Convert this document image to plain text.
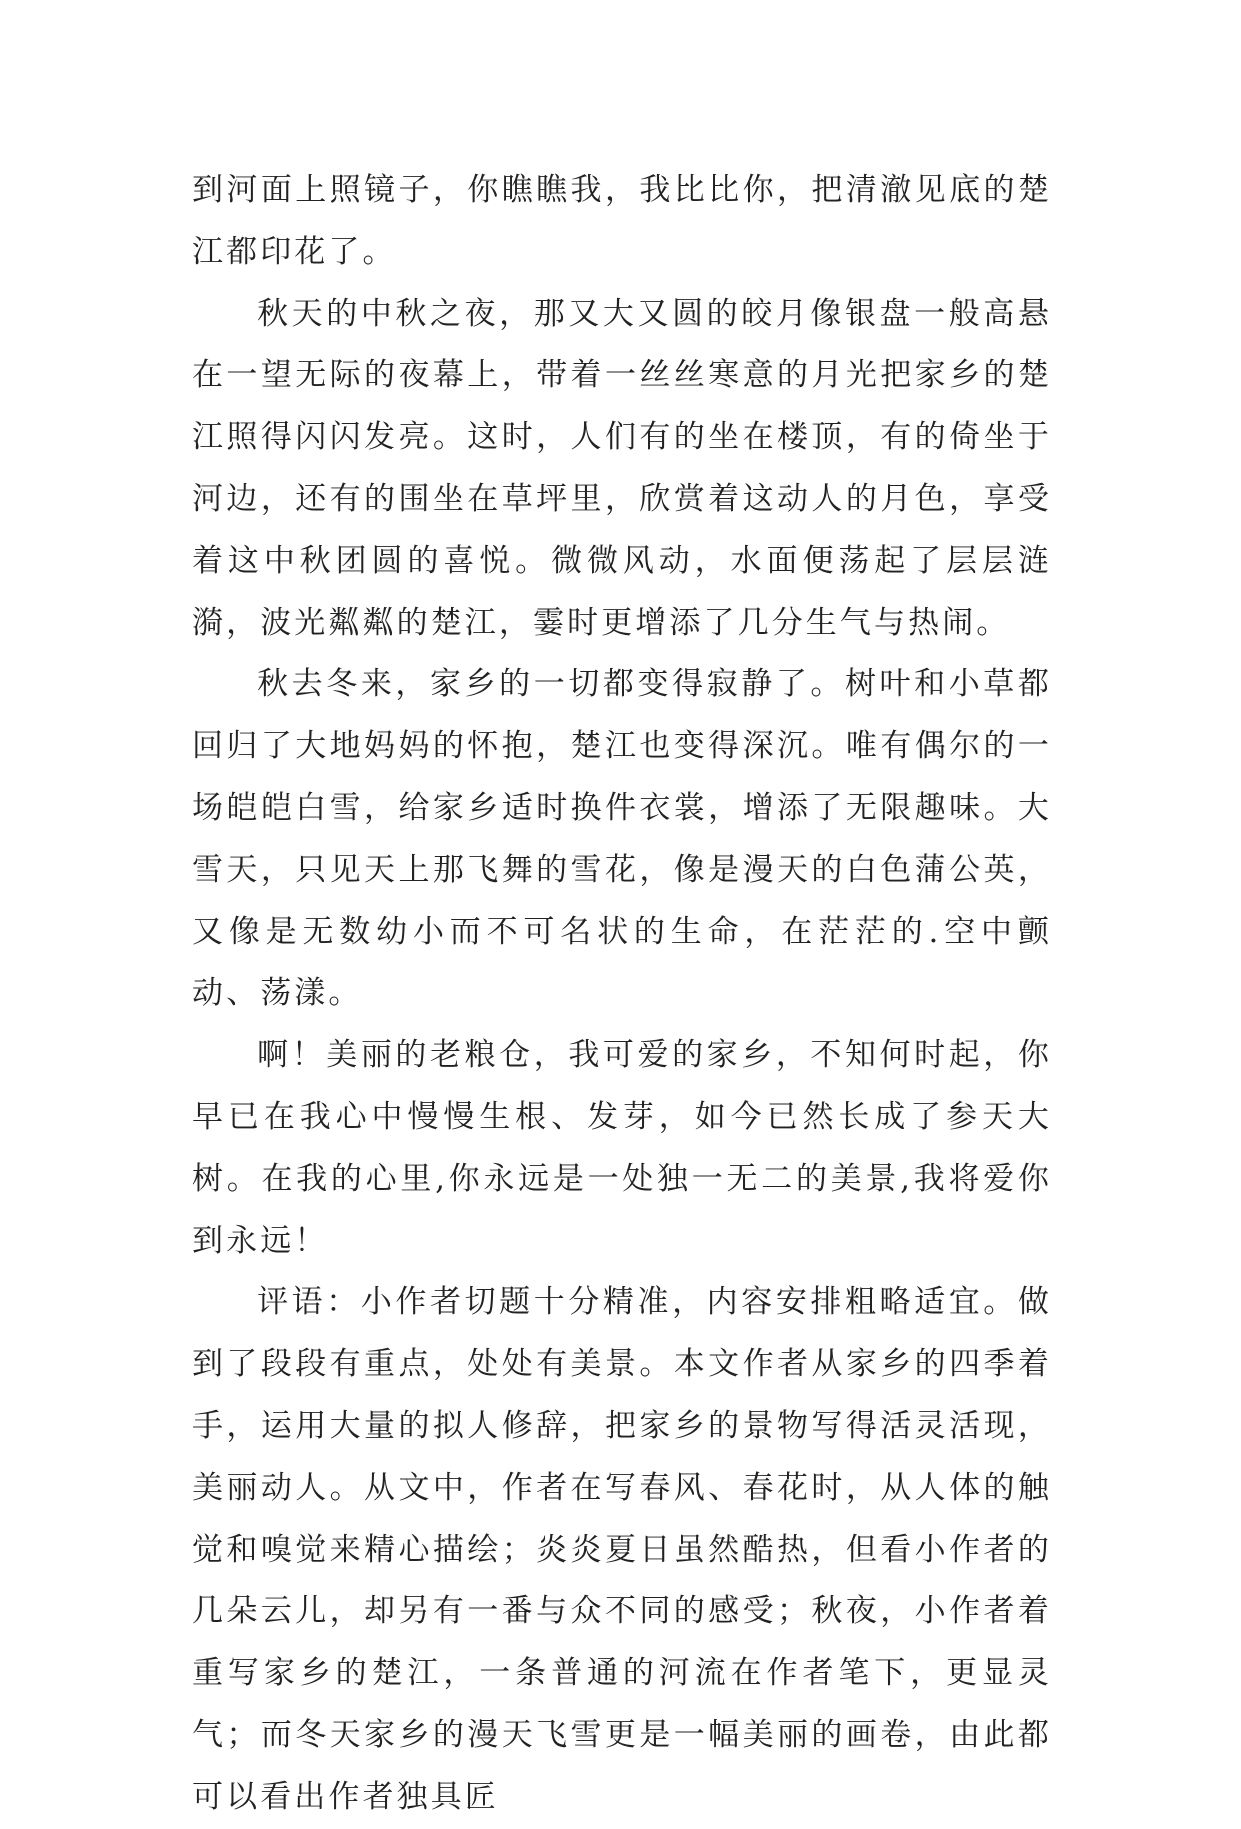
到河面上照镜子，你瞧瞧我，我比比你，把清澈见底的楚江都印花了。

秋天的中秋之夜，那又大又圆的皎月像银盘一般高悬在一望无际的夜幕上，带着一丝丝寒意的月光把家乡的楚江照得闪闪发亮。这时，人们有的坐在楼顶，有的倚坐于河边，还有的围坐在草坪里，欣赏着这动人的月色，享受着这中秋团圆的喜悦。微微风动，水面便荡起了层层涟漪，波光粼粼的楚江，霎时更增添了几分生气与热闹。

秋去冬来，家乡的一切都变得寂静了。树叶和小草都回归了大地妈妈的怀抱，楚江也变得深沉。唯有偶尔的一场皑皑白雪，给家乡适时换件衣裳，增添了无限趣味。大雪天，只见天上那飞舞的雪花，像是漫天的白色蒲公英，又像是无数幼小而不可名状的生命，在茫茫的.空中颤动、荡漾。

啊！美丽的老粮仓，我可爱的家乡，不知何时起，你早已在我心中慢慢生根、发芽，如今已然长成了参天大树。在我的心里,你永远是一处独一无二的美景,我将爱你到永远！

评语：小作者切题十分精准，内容安排粗略适宜。做到了段段有重点，处处有美景。本文作者从家乡的四季着手，运用大量的拟人修辞，把家乡的景物写得活灵活现，美丽动人。从文中，作者在写春风、春花时，从人体的触觉和嗅觉来精心描绘；炎炎夏日虽然酷热，但看小作者的几朵云儿，却另有一番与众不同的感受；秋夜，小作者着重写家乡的楚江，一条普通的河流在作者笔下，更显灵气；而冬天家乡的漫天飞雪更是一幅美丽的画卷，由此都可以看出作者独具匠
